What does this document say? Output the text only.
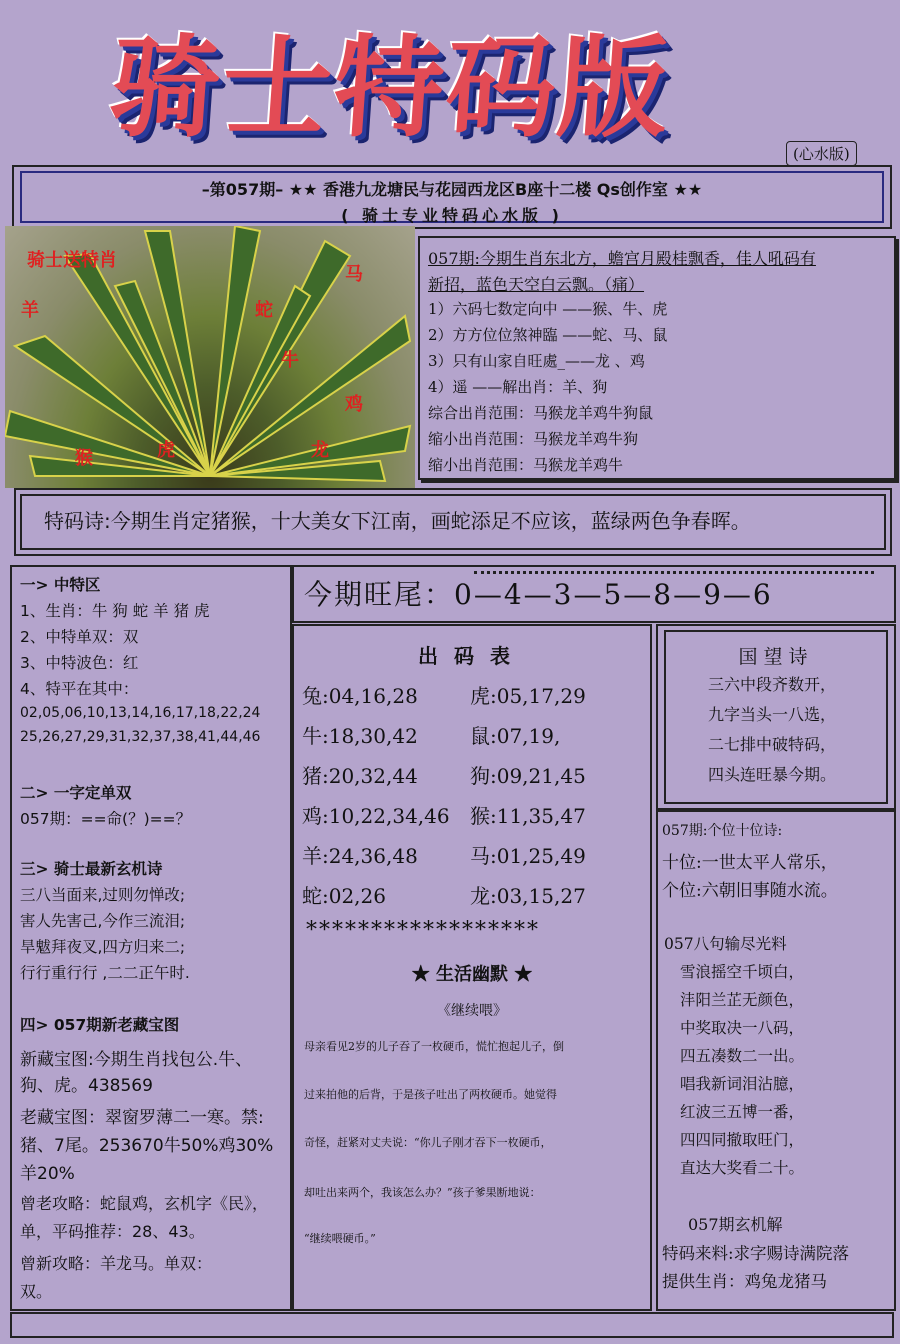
骑士特码版
(心水版)
–第057期– ★★ 香港九龙塘民与花园西龙区B座十二楼 Qs创作室 ★★
( 骑士专业特码心水版 )
骑士送特肖
马
羊	蛇
牛
鸡
猴	虎	龙
057期:今期生肖东北方，蟾宫月殿桂飘香，佳人吼码有
新招，蓝色天空白云飘。（痛）
1）六码七数定向中 ——猴、牛、虎
2）方方位位煞神臨 ——蛇、马、鼠
3）只有山家自旺處_——龙 、鸡
4）遥 ——解出肖：羊、狗
综合出肖范围：马猴龙羊鸡牛狗鼠
缩小出肖范围：马猴龙羊鸡牛狗
缩小出肖范围：马猴龙羊鸡牛
特码诗:今期生肖定猪猴，十大美女下江南，画蛇添足不应该，蓝绿两色争春晖。
一> 中特区
1、生肖：牛 狗 蛇 羊 猪 虎
2、中特单双：双
3、中特波色：红
4、特平在其中：
02,05,06,10,13,14,16,17,18,22,24
25,26,27,29,31,32,37,38,41,44,46
二> 一字定单双
057期：==命(？)==？
三> 骑士最新玄机诗
三八当面来,过则勿惮改;
害人先害己,今作三流泪;
旱魃拜夜叉,四方归来二;
行行重行行 ,二二正午时.
四> 057期新老藏宝图
新藏宝图:今期生肖找包公.牛、
狗、虎。438569
老藏宝图：翠窗罗薄二一寒。禁:
猪、7尾。253670牛50%鸡30%
羊20%
曾老攻略：蛇鼠鸡，玄机字《民》，
单，平码推荐：28、43。
曾新攻略：羊龙马。单双：
双。
今期旺尾：0—4—3—5—8—9—6
出码表
兔:04,16,28	虎:05,17,29
牛:18,30,42	鼠:07,19,
猪:20,32,44	狗:09,21,45
鸡:10,22,34,46 猴:11,35,47
羊:24,36,48	马:01,25,49
蛇:02,26	龙:03,15,27
******************
★ 生活幽默 ★
《继续喂》
母亲看见2岁的儿子吞了一枚硬币，慌忙抱起儿子，倒
过来拍他的后背，于是孩子吐出了两枚硬币。她觉得
奇怪，赶紧对丈夫说：“你儿子刚才吞下一枚硬币，
却吐出来两个，我该怎么办？”孩子爹果断地说：
“继续喂硬币。”
国望诗
三六中段齐数开，
九字当头一八选，
二七排中破特码，
四头连旺暴今期。
057期:个位十位诗:
十位:一世太平人常乐，
个位:六朝旧事随水流。
057八句输尽光料
雪浪摇空千顷白，
沣阳兰芷无颜色，
中奖取决一八码，
四五凑数二一出。
唱我新词泪沾臆，
红波三五博一番，
四四同撤取旺门，
直达大奖看二十。
057期玄机解
特码来料:求字赐诗满院落
提供生肖：鸡兔龙猪马
